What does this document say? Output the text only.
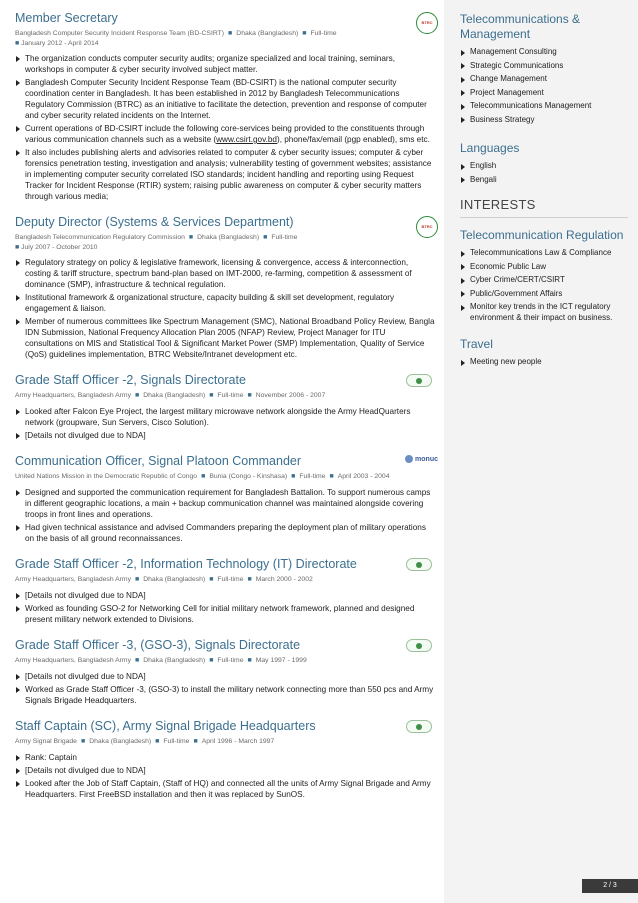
Member Secretary
Bangladesh Computer Security Incident Response Team (BD-CSIRT) ■ Dhaka (Bangladesh) ■ Full-time
■ January 2012 - April 2014
BTRC
The organization conducts computer security audits; organize specialized and local training, seminars, workshops in computer & cyber security involved subject matter.
Bangladesh Computer Security Incident Response Team (BD-CSIRT) is the national computer security coordination center in Bangladesh. It has been established in 2012 by Bangladesh Telecommunications Regulatory Commission (BTRC) as an initiative to facilitate the detection, prevention and response of computer and cyber security related incidents on the Internet.
Current operations of BD-CSIRT include the following core-services being provided to the constituents through various communication channels such as a website (www.csirt.gov.bd), phone/fax/email (pgp enabled), sms etc.
It also includes publishing alerts and advisories related to computer & cyber security issues; computer & cyber forensics penetration testing, investigation and analysis; vulnerability testing of government websites; assistance in implementing computer security correlated ISO standards; incident handling and reporting using Request Tracker for Incident Response (RTIR) system; raising public awareness on computer & cyber security matters through various media;
Deputy Director (Systems & Services Department)
Bangladesh Telecommunication Regulatory Commission ■ Dhaka (Bangladesh) ■ Full-time
■ July 2007 - October 2010
BTRC
Regulatory strategy on policy & legislative framework, licensing & convergence, access & interconnection, costing & tariff structure, spectrum band-plan based on IMT-2000, re-farming, competition & assessment of dominance (SMP), infrastructure & technical regulation.
Institutional framework & organizational structure, capacity building & skill set development, regulatory engagement & liaison.
Member of numerous committees like Spectrum Management (SMC), National Broadband Policy Review, Bangla IDN Submission, National Frequency Allocation Plan 2005 (NFAP) Review, Project Manager for ITU consultations on MIS and Statistical Tool & Significant Market Power (SMP) Implementation, Quality of Service (QoS) guidelines implementation, BTRC Website/Intranet development etc.
Grade Staff Officer -2, Signals Directorate
Army Headquarters, Bangladesh Army ■ Dhaka (Bangladesh) ■ Full-time ■ November 2006 - 2007
Looked after Falcon Eye Project, the largest military microwave network alongside the Army HeadQuarters network (groupware, Sun Servers, Cisco Solution).
[Details not divulged due to NDA]
Communication Officer, Signal Platoon Commander
United Nations Mission in the Democratic Republic of Congo ■ Bunia (Congo - Kinshasa) ■ Full-time ■ April 2003 - 2004
monuc
Designed and supported the communication requirement for Bangladesh Battalion. To support numerous camps in different geographic locations, a main + backup communication channel was maintained alongside covering troops in front lines and operations.
Had given technical assistance and advised Commanders preparing the deployment plan of military operations on the basis of all ground reconnaissances.
Grade Staff Officer -2, Information Technology (IT) Directorate
Army Headquarters, Bangladesh Army ■ Dhaka (Bangladesh) ■ Full-time ■ March 2000 - 2002
[Details not divulged due to NDA]
Worked as founding GSO-2 for Networking Cell for initial military network framework, planned and designed present military network extended to Divisions.
Grade Staff Officer -3, (GSO-3), Signals Directorate
Army Headquarters, Bangladesh Army ■ Dhaka (Bangladesh) ■ Full-time ■ May 1997 - 1999
[Details not divulged due to NDA]
Worked as Grade Staff Officer -3, (GSO-3) to install the military network connecting more than 550 pcs and Army Signals Brigade Headquarters.
Staff Captain (SC), Army Signal Brigade Headquarters
Army Signal Brigade ■ Dhaka (Bangladesh) ■ Full-time ■ April 1996 - March 1997
Rank: Captain
[Details not divulged due to NDA]
Looked after the Job of Staff Captain, (Staff of HQ) and connected all the units of Army Signal Brigade and Army Headquarters. First FreeBSD installation and then it was replaced by SunOS.
Telecommunications & Management
Management Consulting
Strategic Communications
Change Management
Project Management
Telecommunications Management
Business Strategy
Languages
English
Bengali
INTERESTS
Telecommunication Regulation
Telecommunications Law & Compliance
Economic Public Law
Cyber Crime/CERT/CSIRT
Public/Government Affairs
Monitor key trends in the ICT regulatory environment & their impact on business.
Travel
Meeting new people
2 / 3
